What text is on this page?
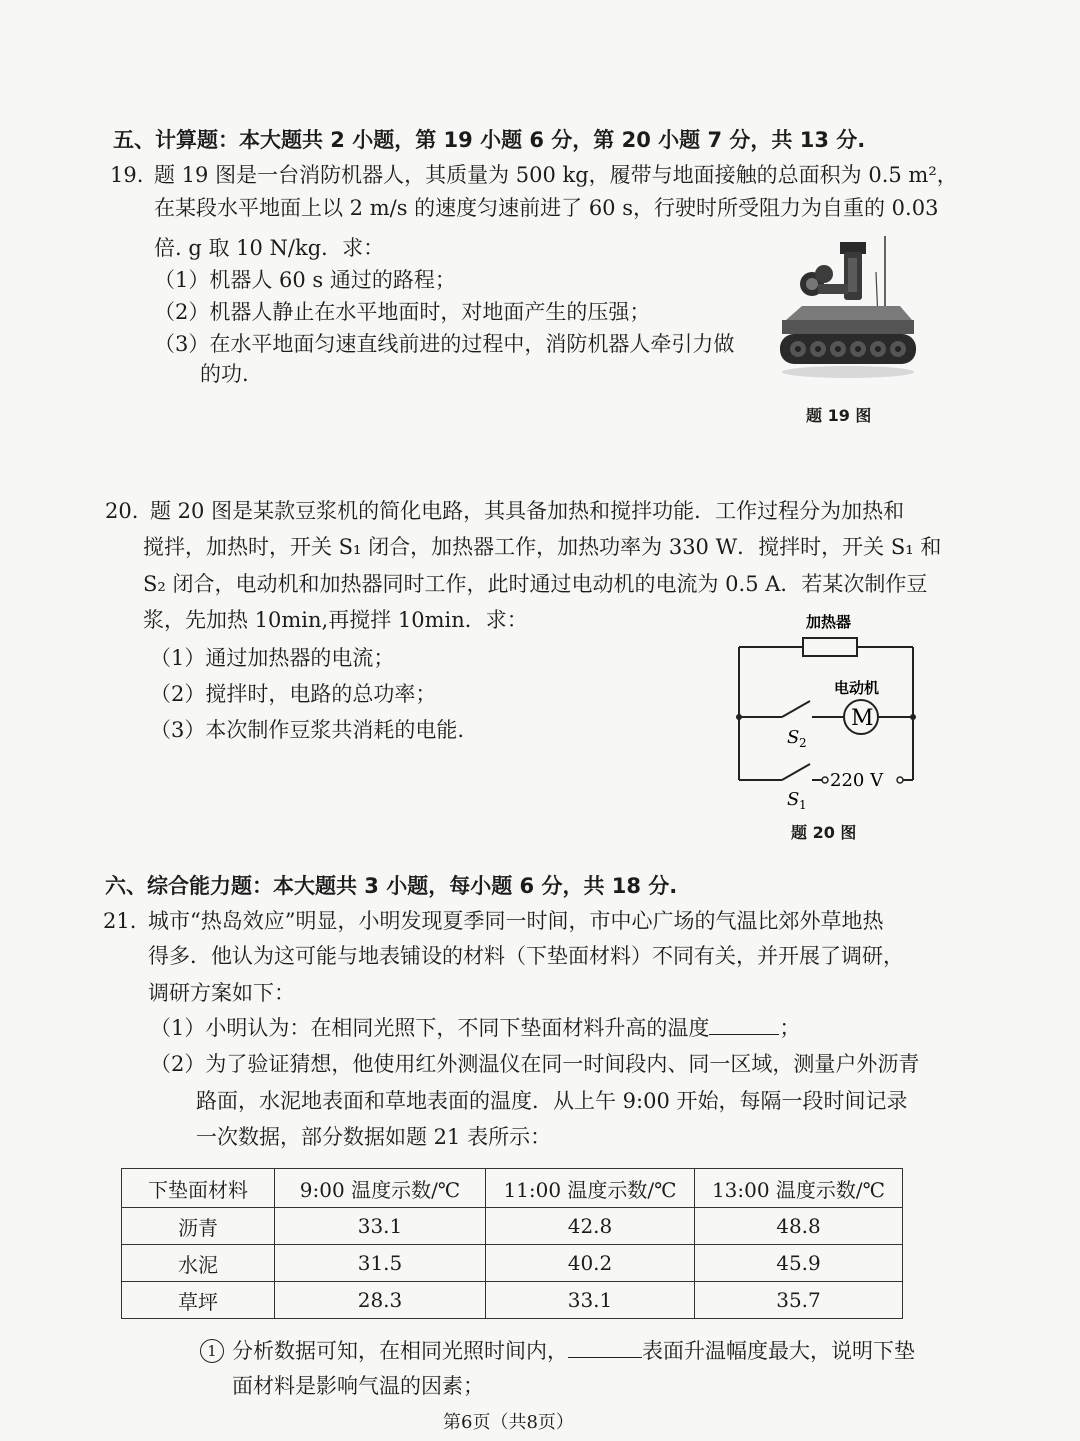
五、计算题：本大题共 2 小题，第 19 小题 6 分，第 20 小题 7 分，共 13 分.
19. 题 19 图是一台消防机器人，其质量为 500 kg，履带与地面接触的总面积为 0.5 m²，
在某段水平地面上以 2 m/s 的速度匀速前进了 60 s，行驶时所受阻力为自重的 0.03
倍. g 取 10 N/kg．求：
（1）机器人 60 s 通过的路程；
（2）机器人静止在水平地面时，对地面产生的压强；
（3）在水平地面匀速直线前进的过程中，消防机器人牵引力做
的功.
题 19 图
20. 题 20 图是某款豆浆机的简化电路，其具备加热和搅拌功能．工作过程分为加热和
搅拌，加热时，开关 S₁ 闭合，加热器工作，加热功率为 330 W．搅拌时，开关 S₁ 和
S₂ 闭合，电动机和加热器同时工作，此时通过电动机的电流为 0.5 A．若某次制作豆
浆，先加热 10min,再搅拌 10min．求：
（1）通过加热器的电流；
（2）搅拌时，电路的总功率；
（3）本次制作豆浆共消耗的电能.
加热器
电动机
M
S 2
220 V
S 1
题 20 图
六、综合能力题：本大题共 3 小题，每小题 6 分，共 18 分.
21. 城市“热岛效应”明显，小明发现夏季同一时间，市中心广场的气温比郊外草地热
得多．他认为这可能与地表铺设的材料（下垫面材料）不同有关，并开展了调研，
调研方案如下：
（1）小明认为：在相同光照下，不同下垫面材料升高的温度	；
（2）为了验证猜想，他使用红外测温仪在同一时间段内、同一区域，测量户外沥青
路面，水泥地表面和草地表面的温度．从上午 9:00 开始，每隔一段时间记录
一次数据，部分数据如题 21 表所示：
下垫面材料	9:00 温度示数/℃	11:00 温度示数/℃	13:00 温度示数/℃
沥青	33.1	42.8	48.8
水泥	31.5	40.2	45.9
草坪	28.3	33.1	35.7
1 分析数据可知，在相同光照时间内，	表面升温幅度最大，说明下垫
面材料是影响气温的因素；
第6页（共8页）
